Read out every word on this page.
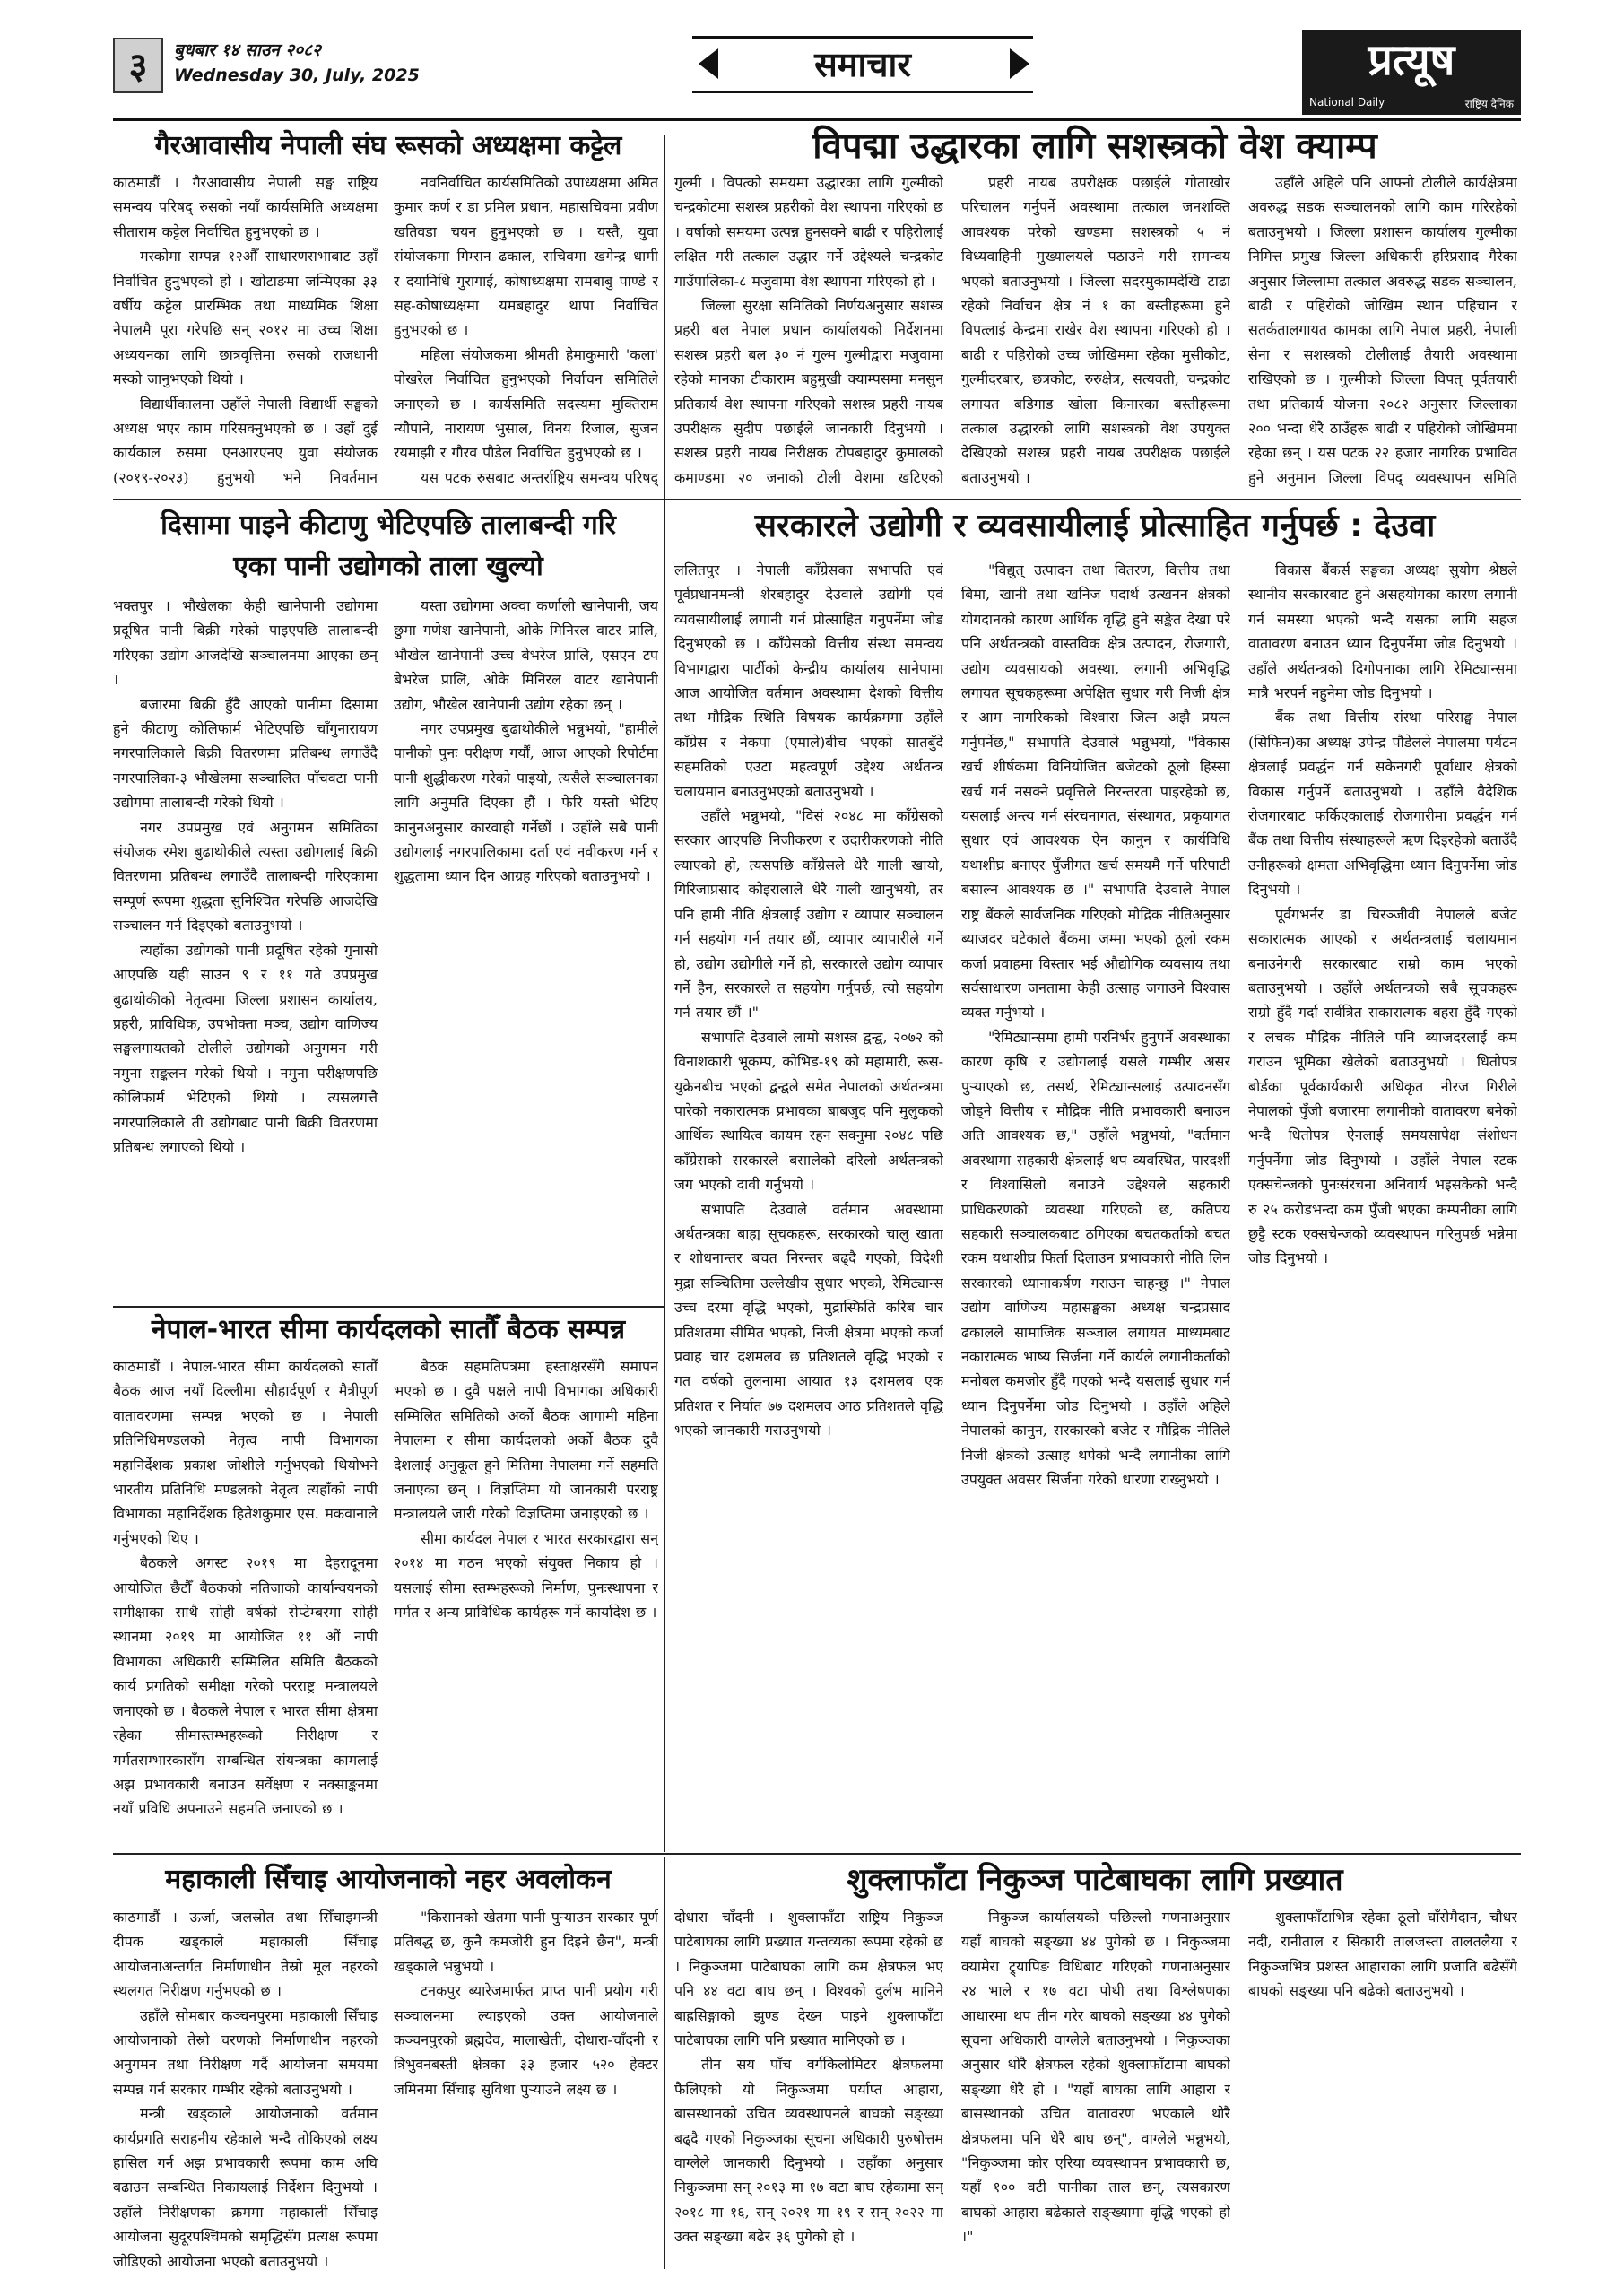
३	बुधबार १४ साउन २०८२
Wednesday 30, July, 2025	समाचार	प्रत्यूष
National Daily	राष्ट्रिय दैनिक
गैरआवासीय नेपाली संघ रूसको अध्यक्षमा कट्टेल

काठमाडौं । गैरआवासीय नेपाली सङ्घ राष्ट्रिय समन्वय परिषद् रुसको नयाँ कार्यसमिति अध्यक्षमा सीताराम कट्टेल निर्वाचित हुनुभएको छ ।

मस्कोमा सम्पन्न १२औँ साधारणसभाबाट उहाँ निर्वाचित हुनुभएको हो । खोटाङमा जन्मिएका ३३ वर्षीय कट्टेल प्रारम्भिक तथा माध्यमिक शिक्षा नेपालमै पूरा गरेपछि सन् २०१२ मा उच्च शिक्षा अध्ययनका लागि छात्रवृत्तिमा रुसको राजधानी मस्को जानुभएको थियो ।

विद्यार्थीकालमा उहाँले नेपाली विद्यार्थी सङ्घको अध्यक्ष भएर काम गरिसक्नुभएको छ । उहाँ दुई कार्यकाल रुसमा एनआरएनए युवा संयोजक (२०१९-२०२३) हुनुभयो भने निवर्तमान

नवनिर्वाचित कार्यसमितिको उपाध्यक्षमा अमित कुमार कर्ण र डा प्रमिल प्रधान, महासचिवमा प्रवीण खतिवडा चयन हुनुभएको छ । यस्तै, युवा संयोजकमा गिम्सन ढकाल, सचिवमा खगेन्द्र धामी र दयानिधि गुरागाईं, कोषाध्यक्षमा रामबाबु पाण्डे र सह-कोषाध्यक्षमा यमबहादुर थापा निर्वाचित हुनुभएको छ ।

महिला संयोजकमा श्रीमती हेमाकुमारी 'कला' पोखरेल निर्वाचित हुनुभएको निर्वाचन समितिले जनाएको छ । कार्यसमिति सदस्यमा मुक्तिराम न्यौपाने, नारायण भुसाल, विनय रिजाल, सुजन रयमाझी र गौरव पौडेल निर्वाचित हुनुभएको छ ।

यस पटक रुसबाट अन्तर्राष्ट्रिय समन्वय परिषद्

विपद्मा उद्धारका लागि सशस्त्रको वेश क्याम्प

गुल्मी । विपत्को समयमा उद्धारका लागि गुल्मीको चन्द्रकोटमा सशस्त्र प्रहरीको वेश स्थापना गरिएको छ । वर्षाको समयमा उत्पन्न हुनसक्ने बाढी र पहिरोलाई लक्षित गरी तत्काल उद्धार गर्ने उद्देश्यले चन्द्रकोट गाउँपालिका-८ मजुवामा वेश स्थापना गरिएको हो ।

जिल्ला सुरक्षा समितिको निर्णयअनुसार सशस्त्र प्रहरी बल नेपाल प्रधान कार्यालयको निर्देशनमा सशस्त्र प्रहरी बल ३० नं गुल्म गुल्मीद्वारा मजुवामा रहेको मानका टीकाराम बहुमुखी क्याम्पसमा मनसुन प्रतिकार्य वेश स्थापना गरिएको सशस्त्र प्रहरी नायब उपरीक्षक सुदीप पछाईले जानकारी दिनुभयो । सशस्त्र प्रहरी नायब निरीक्षक टोपबहादुर कुमालको कमाण्डमा २० जनाको टोली वेशमा खटिएको

प्रहरी नायब उपरीक्षक पछाईले गोताखोर परिचालन गर्नुपर्ने अवस्थामा तत्काल जनशक्ति आवश्यक परेको खण्डमा सशस्त्रको ५ नं विध्यवाहिनी मुख्यालयले पठाउने गरी समन्वय भएको बताउनुभयो । जिल्ला सदरमुकामदेखि टाढा रहेको निर्वाचन क्षेत्र नं १ का बस्तीहरूमा हुने विपत्लाई केन्द्रमा राखेर वेश स्थापना गरिएको हो । बाढी र पहिरोको उच्च जोखिममा रहेका मुसीकोट, गुल्मीदरबार, छत्रकोट, रुरुक्षेत्र, सत्यवती, चन्द्रकोट लगायत बडिगाड खोला किनारका बस्तीहरूमा तत्काल उद्धारको लागि सशस्त्रको वेश उपयुक्त देखिएको सशस्त्र प्रहरी नायब उपरीक्षक पछाईले बताउनुभयो ।

उहाँले अहिले पनि आफ्नो टोलीले कार्यक्षेत्रमा अवरुद्ध सडक सञ्चालनको लागि काम गरिरहेको बताउनुभयो । जिल्ला प्रशासन कार्यालय गुल्मीका निमित्त प्रमुख जिल्ला अधिकारी हरिप्रसाद गैरेका अनुसार जिल्लामा तत्काल अवरुद्ध सडक सञ्चालन, बाढी र पहिरोको जोखिम स्थान पहिचान र सतर्कतालगायत कामका लागि नेपाल प्रहरी, नेपाली सेना र सशस्त्रको टोलीलाई तैयारी अवस्थामा राखिएको छ । गुल्मीको जिल्ला विपत् पूर्वतयारी तथा प्रतिकार्य योजना २०८२ अनुसार जिल्लाका २०० भन्दा धेरै ठाउँहरू बाढी र पहिरोको जोखिममा रहेका छन् । यस पटक २२ हजार नागरिक प्रभावित हुने अनुमान जिल्ला विपद् व्यवस्थापन समिति

दिसामा पाइने कीटाणु भेटिएपछि तालाबन्दी गरि
एका पानी उद्योगको ताला खुल्यो

भक्तपुर । भौखेलका केही खानेपानी उद्योगमा प्रदूषित पानी बिक्री गरेको पाइएपछि तालाबन्दी गरिएका उद्योग आजदेखि सञ्चालनमा आएका छन् ।

बजारमा बिक्री हुँदै आएको पानीमा दिसामा हुने कीटाणु कोलिफार्म भेटिएपछि चाँगुनारायण नगरपालिकाले बिक्री वितरणमा प्रतिबन्ध लगाउँदै नगरपालिका-३ भौखेलमा सञ्चालित पाँचवटा पानी उद्योगमा तालाबन्दी गरेको थियो ।

नगर उपप्रमुख एवं अनुगमन समितिका संयोजक रमेश बुढाथोकीले त्यस्ता उद्योगलाई बिक्री वितरणमा प्रतिबन्ध लगाउँदै तालाबन्दी गरिएकामा सम्पूर्ण रूपमा शुद्धता सुनिश्चित गरेपछि आजदेखि सञ्चालन गर्न दिइएको बताउनुभयो ।

त्यहाँका उद्योगको पानी प्रदूषित रहेको गुनासो आएपछि यही साउन ९ र ११ गते उपप्रमुख बुढाथोकीको नेतृत्वमा जिल्ला प्रशासन कार्यालय, प्रहरी, प्राविधिक, उपभोक्ता मञ्च, उद्योग वाणिज्य सङ्घलगायतको टोलीले उद्योगको अनुगमन गरी नमुना सङ्कलन गरेको थियो । नमुना परीक्षणपछि कोलिफार्म भेटिएको थियो । त्यसलगत्तै नगरपालिकाले ती उद्योगबाट पानी बिक्री वितरणमा प्रतिबन्ध लगाएको थियो ।

यस्ता उद्योगमा अक्वा कर्णाली खानेपानी, जय छुमा गणेश खानेपानी, ओके मिनिरल वाटर प्रालि, भौखेल खानेपानी उच्च बेभरेज प्रालि, एसएन टप बेभरेज प्रालि, ओके मिनिरल वाटर खानेपानी उद्योग, भौखेल खानेपानी उद्योग रहेका छन् ।

नगर उपप्रमुख बुढाथोकीले भन्नुभयो, "हामीले पानीको पुनः परीक्षण गर्यौं, आज आएको रिपोर्टमा पानी शुद्धीकरण गरेको पाइयो, त्यसैले सञ्चालनका लागि अनुमति दिएका हौं । फेरि यस्तो भेटिए कानुनअनुसार कारवाही गर्नेछौं । उहाँले सबै पानी उद्योगलाई नगरपालिकामा दर्ता एवं नवीकरण गर्न र शुद्धतामा ध्यान दिन आग्रह गरिएको बताउनुभयो ।

सरकारले उद्योगी र व्यवसायीलाई प्रोत्साहित गर्नुपर्छ : देउवा

ललितपुर । नेपाली काँग्रेसका सभापति एवं पूर्वप्रधानमन्त्री शेरबहादुर देउवाले उद्योगी एवं व्यवसायीलाई लगानी गर्न प्रोत्साहित गनुपर्नेमा जोड दिनुभएको छ । काँग्रेसको वित्तीय संस्था समन्वय विभागद्वारा पार्टीको केन्द्रीय कार्यालय सानेपामा आज आयोजित वर्तमान अवस्थामा देशको वित्तीय तथा मौद्रिक स्थिति विषयक कार्यक्रममा उहाँले काँग्रेस र नेकपा (एमाले)बीच भएको सातबुँदे सहमतिको एउटा महत्वपूर्ण उद्देश्य अर्थतन्त्र चलायमान बनाउनुभएको बताउनुभयो ।

उहाँले भन्नुभयो, "विसं २०४८ मा काँग्रेसको सरकार आएपछि निजीकरण र उदारीकरणको नीति ल्याएको हो, त्यसपछि काँग्रेसले धेरै गाली खायो, गिरिजाप्रसाद कोइरालाले धेरै गाली खानुभयो, तर पनि हामी नीति क्षेत्रलाई उद्योग र व्यापार सञ्चालन गर्न सहयोग गर्न तयार छौं, व्यापार व्यापारीले गर्ने हो, उद्योग उद्योगीले गर्ने हो, सरकारले उद्योग व्यापार गर्ने हैन, सरकारले त सहयोग गर्नुपर्छ, त्यो सहयोग गर्न तयार छौं ।"

सभापति देउवाले लामो सशस्त्र द्वन्द्व, २०७२ को विनाशकारी भूकम्प, कोभिड-१९ को महामारी, रूस-युक्रेनबीच भएको द्वन्द्वले समेत नेपालको अर्थतन्त्रमा पारेको नकारात्मक प्रभावका बाबजुद पनि मुलुकको आर्थिक स्थायित्व कायम रहन सक्नुमा २०४८ पछि काँग्रेसको सरकारले बसालेको दरिलो अर्थतन्त्रको जग भएको दावी गर्नुभयो ।

सभापति देउवाले वर्तमान अवस्थामा अर्थतन्त्रका बाह्य सूचकहरू, सरकारको चालु खाता र शोधनान्तर बचत निरन्तर बढ्दै गएको, विदेशी मुद्रा सञ्चितिमा उल्लेखीय सुधार भएको, रेमिट्यान्स उच्च दरमा वृद्धि भएको, मुद्रास्फिति करिब चार प्रतिशतमा सीमित भएको, निजी क्षेत्रमा भएको कर्जा प्रवाह चार दशमलव छ प्रतिशतले वृद्धि भएको र गत वर्षको तुलनामा आयात १३ दशमलव एक प्रतिशत र निर्यात ७७ दशमलव आठ प्रतिशतले वृद्धि भएको जानकारी गराउनुभयो ।

"विद्युत् उत्पादन तथा वितरण, वित्तीय तथा बिमा, खानी तथा खनिज पदार्थ उत्खनन क्षेत्रको योगदानको कारण आर्थिक वृद्धि हुने सङ्केत देखा परे पनि अर्थतन्त्रको वास्तविक क्षेत्र उत्पादन, रोजगारी, उद्योग व्यवसायको अवस्था, लगानी अभिवृद्धि लगायत सूचकहरूमा अपेक्षित सुधार गरी निजी क्षेत्र र आम नागरिकको विश्वास जित्न अझै प्रयत्न गर्नुपर्नेछ," सभापति देउवाले भन्नुभयो, "विकास खर्च शीर्षकमा विनियोजित बजेटको ठूलो हिस्सा खर्च गर्न नसक्ने प्रवृत्तिले निरन्तरता पाइरहेको छ, यसलाई अन्त्य गर्न संरचनागत, संस्थागत, प्रकृयागत सुधार एवं आवश्यक ऐन कानुन र कार्यविधि यथाशीघ्र बनाएर पुँजीगत खर्च समयमै गर्ने परिपाटी बसाल्न आवश्यक छ ।" सभापति देउवाले नेपाल राष्ट्र बैंकले सार्वजनिक गरिएको मौद्रिक नीतिअनुसार ब्याजदर घटेकाले बैंकमा जम्मा भएको ठूलो रकम कर्जा प्रवाहमा विस्तार भई औद्योगिक व्यवसाय तथा सर्वसाधारण जनतामा केही उत्साह जगाउने विश्वास व्यक्त गर्नुभयो ।

"रेमिट्यान्समा हामी परनिर्भर हुनुपर्ने अवस्थाका कारण कृषि र उद्योगलाई यसले गम्भीर असर पुऱ्याएको छ, तसर्थ, रेमिट्यान्सलाई उत्पादनसँग जोड्ने वित्तीय र मौद्रिक नीति प्रभावकारी बनाउन अति आवश्यक छ," उहाँले भन्नुभयो, "वर्तमान अवस्थामा सहकारी क्षेत्रलाई थप व्यवस्थित, पारदर्शी र विश्वासिलो बनाउने उद्देश्यले सहकारी प्राधिकरणको व्यवस्था गरिएको छ, कतिपय सहकारी सञ्चालकबाट ठगिएका बचतकर्ताको बचत रकम यथाशीघ्र फिर्ता दिलाउन प्रभावकारी नीति लिन सरकारको ध्यानाकर्षण गराउन चाहन्छु ।" नेपाल उद्योग वाणिज्य महासङ्घका अध्यक्ष चन्द्रप्रसाद ढकालले सामाजिक सञ्जाल लगायत माध्यमबाट नकारात्मक भाष्य सिर्जना गर्ने कार्यले लगानीकर्ताको मनोबल कमजोर हुँदै गएको भन्दै यसलाई सुधार गर्न ध्यान दिनुपर्नेमा जोड दिनुभयो । उहाँले अहिले नेपालको कानुन, सरकारको बजेट र मौद्रिक नीतिले निजी क्षेत्रको उत्साह थपेको भन्दै लगानीका लागि उपयुक्त अवसर सिर्जना गरेको धारणा राख्नुभयो ।

विकास बैंकर्स सङ्घका अध्यक्ष सुयोग श्रेष्ठले स्थानीय सरकारबाट हुने असहयोगका कारण लगानी गर्न समस्या भएको भन्दै यसका लागि सहज वातावरण बनाउन ध्यान दिनुपर्नेमा जोड दिनुभयो । उहाँले अर्थतन्त्रको दिगोपनाका लागि रेमिट्यान्समा मात्रै भरपर्न नहुनेमा जोड दिनुभयो ।

बैंक तथा वित्तीय संस्था परिसङ्घ नेपाल (सिफिन)का अध्यक्ष उपेन्द्र पौडेलले नेपालमा पर्यटन क्षेत्रलाई प्रवर्द्धन गर्न सकेनगरी पूर्वाधार क्षेत्रको विकास गर्नुपर्ने बताउनुभयो । उहाँले वैदेशिक रोजगारबाट फर्किएकालाई रोजगारीमा प्रवर्द्धन गर्न बैंक तथा वित्तीय संस्थाहरूले ऋण दिइरहेको बताउँदै उनीहरूको क्षमता अभिवृद्धिमा ध्यान दिनुपर्नेमा जोड दिनुभयो ।

पूर्वगभर्नर डा चिरञ्जीवी नेपालले बजेट सकारात्मक आएको र अर्थतन्त्रलाई चलायमान बनाउनेगरी सरकारबाट राम्रो काम भएको बताउनुभयो । उहाँले अर्थतन्त्रको सबै सूचकहरू राम्रो हुँदै गर्दा सर्वत्रित सकारात्मक बहस हुँदै गएको र लचक मौद्रिक नीतिले पनि ब्याजदरलाई कम गराउन भूमिका खेलेको बताउनुभयो । धितोपत्र बोर्डका पूर्वकार्यकारी अधिकृत नीरज गिरीले नेपालको पुँजी बजारमा लगानीको वातावरण बनेको भन्दै धितोपत्र ऐनलाई समयसापेक्ष संशोधन गर्नुपर्नेमा जोड दिनुभयो । उहाँले नेपाल स्टक एक्सचेन्जको पुनःसंरचना अनिवार्य भइसकेको भन्दै रु २५ करोडभन्दा कम पुँजी भएका कम्पनीका लागि छुट्टै स्टक एक्सचेन्जको व्यवस्थापन गरिनुपर्छ भन्नेमा जोड दिनुभयो ।

नेपाल-भारत सीमा कार्यदलको सातौँ बैठक सम्पन्न

काठमाडौं । नेपाल-भारत सीमा कार्यदलको सातौँ बैठक आज नयाँ दिल्लीमा सौहार्दपूर्ण र मैत्रीपूर्ण वातावरणमा सम्पन्न भएको छ । नेपाली प्रतिनिधिमण्डलको नेतृत्व नापी विभागका महानिर्देशक प्रकाश जोशीले गर्नुभएको थियोभने भारतीय प्रतिनिधि मण्डलको नेतृत्व त्यहाँको नापी विभागका महानिर्देशक हितेशकुमार एस. मकवानाले गर्नुभएको थिए ।

बैठकले अगस्ट २०१९ मा देहरादूनमा आयोजित छैटौँ बैठकको नतिजाको कार्यान्वयनको समीक्षाका साथै सोही वर्षको सेप्टेम्बरमा सोही स्थानमा २०१९ मा आयोजित ११ औं नापी विभागका अधिकारी सम्मिलित समिति बैठकको कार्य प्रगतिको समीक्षा गरेको परराष्ट्र मन्त्रालयले जनाएको छ । बैठकले नेपाल र भारत सीमा क्षेत्रमा रहेका सीमास्तम्भहरूको निरीक्षण र मर्मतसम्भारकासँग सम्बन्धित संयन्त्रका कामलाई अझ प्रभावकारी बनाउन सर्वेक्षण र नक्साङ्कनमा नयाँ प्रविधि अपनाउने सहमति जनाएको छ ।

बैठक सहमतिपत्रमा हस्ताक्षरसँगै समापन भएको छ । दुवै पक्षले नापी विभागका अधिकारी सम्मिलित समितिको अर्को बैठक आगामी महिना नेपालमा र सीमा कार्यदलको अर्को बैठक दुवै देशलाई अनुकूल हुने मितिमा नेपालमा गर्ने सहमति जनाएका छन् । विज्ञप्तिमा यो जानकारी परराष्ट्र मन्त्रालयले जारी गरेको विज्ञप्तिमा जनाइएको छ ।

सीमा कार्यदल नेपाल र भारत सरकारद्वारा सन् २०१४ मा गठन भएको संयुक्त निकाय हो । यसलाई सीमा स्तम्भहरूको निर्माण, पुनःस्थापना र मर्मत र अन्य प्राविधिक कार्यहरू गर्ने कार्यादेश छ ।

महाकाली सिँचाइ आयोजनाको नहर अवलोकन

काठमाडौं । ऊर्जा, जलस्रोत तथा सिँचाइमन्त्री दीपक खड्काले महाकाली सिँचाइ आयोजनाअन्तर्गत निर्माणाधीन तेस्रो मूल नहरको स्थलगत निरीक्षण गर्नुभएको छ ।

उहाँले सोमबार कञ्चनपुरमा महाकाली सिँचाइ आयोजनाको तेस्रो चरणको निर्माणाधीन नहरको अनुगमन तथा निरीक्षण गर्दै आयोजना समयमा सम्पन्न गर्न सरकार गम्भीर रहेको बताउनुभयो ।

मन्त्री खड्काले आयोजनाको वर्तमान कार्यप्रगति सराहनीय रहेकाले भन्दै तोकिएको लक्ष्य हासिल गर्न अझ प्रभावकारी रूपमा काम अघि बढाउन सम्बन्धित निकायलाई निर्देशन दिनुभयो । उहाँले निरीक्षणका क्रममा महाकाली सिँचाइ आयोजना सुदूरपश्चिमको समृद्धिसँग प्रत्यक्ष रूपमा जोडिएको आयोजना भएको बताउनुभयो ।

"किसानको खेतमा पानी पुऱ्याउन सरकार पूर्ण प्रतिबद्ध छ, कुनै कमजोरी हुन दिइने छैन", मन्त्री खड्काले भन्नुभयो ।

टनकपुर ब्यारेजमार्फत प्राप्त पानी प्रयोग गरी सञ्चालनमा ल्याइएको उक्त आयोजनाले कञ्चनपुरको ब्रह्मदेव, मालाखेती, दोधारा-चाँदनी र त्रिभुवनबस्ती क्षेत्रका ३३ हजार ५२० हेक्टर जमिनमा सिँचाइ सुविधा पुऱ्याउने लक्ष्य छ ।

शुक्लाफाँटा निकुञ्ज पाटेबाघका लागि प्रख्यात

दोधारा चाँदनी । शुक्लाफाँटा राष्ट्रिय निकुञ्ज पाटेबाघका लागि प्रख्यात गन्तव्यका रूपमा रहेको छ । निकुञ्जमा पाटेबाघका लागि कम क्षेत्रफल भए पनि ४४ वटा बाघ छन् । विश्वको दुर्लभ मानिने बाह्रसिङ्गाको झुण्ड देख्न पाइने शुक्लाफाँटा पाटेबाघका लागि पनि प्रख्यात मानिएको छ ।

तीन सय पाँच वर्गकिलोमिटर क्षेत्रफलमा फैलिएको यो निकुञ्जमा पर्याप्त आहारा, बासस्थानको उचित व्यवस्थापनले बाघको सङ्ख्या बढ्दै गएको निकुञ्जका सूचना अधिकारी पुरुषोत्तम वाग्लेले जानकारी दिनुभयो । उहाँका अनुसार निकुञ्जमा सन् २०१३ मा १७ वटा बाघ रहेकामा सन् २०१८ मा १६, सन् २०२१ मा १९ र सन् २०२२ मा उक्त सङ्ख्या बढेर ३६ पुगेको हो ।

निकुञ्ज कार्यालयको पछिल्लो गणनाअनुसार यहाँ बाघको सङ्ख्या ४४ पुगेको छ । निकुञ्जमा क्यामेरा ट्र्यापिङ विधिबाट गरिएको गणनाअनुसार २४ भाले र १७ वटा पोथी तथा विश्लेषणका आधारमा थप तीन गरेर बाघको सङ्ख्या ४४ पुगेको सूचना अधिकारी वाग्लेले बताउनुभयो । निकुञ्जका अनुसार थोरै क्षेत्रफल रहेको शुक्लाफाँटामा बाघको सङ्ख्या धेरै हो । "यहाँ बाघका लागि आहारा र बासस्थानको उचित वातावरण भएकाले थोरै क्षेत्रफलमा पनि धेरै बाघ छन्", वाग्लेले भन्नुभयो, "निकुञ्जमा कोर एरिया व्यवस्थापन प्रभावकारी छ, यहाँ १०० वटी पानीका ताल छन्, त्यसकारण बाघको आहारा बढेकाले सङ्ख्यामा वृद्धि भएको हो ।"

शुक्लाफाँटाभित्र रहेका ठूलो घाँसेमैदान, चौधर नदी, रानीताल र सिकारी तालजस्ता तालतलैया र निकुञ्जभित्र प्रशस्त आहाराका लागि प्रजाति बढेसँगै बाघको सङ्ख्या पनि बढेको बताउनुभयो ।
